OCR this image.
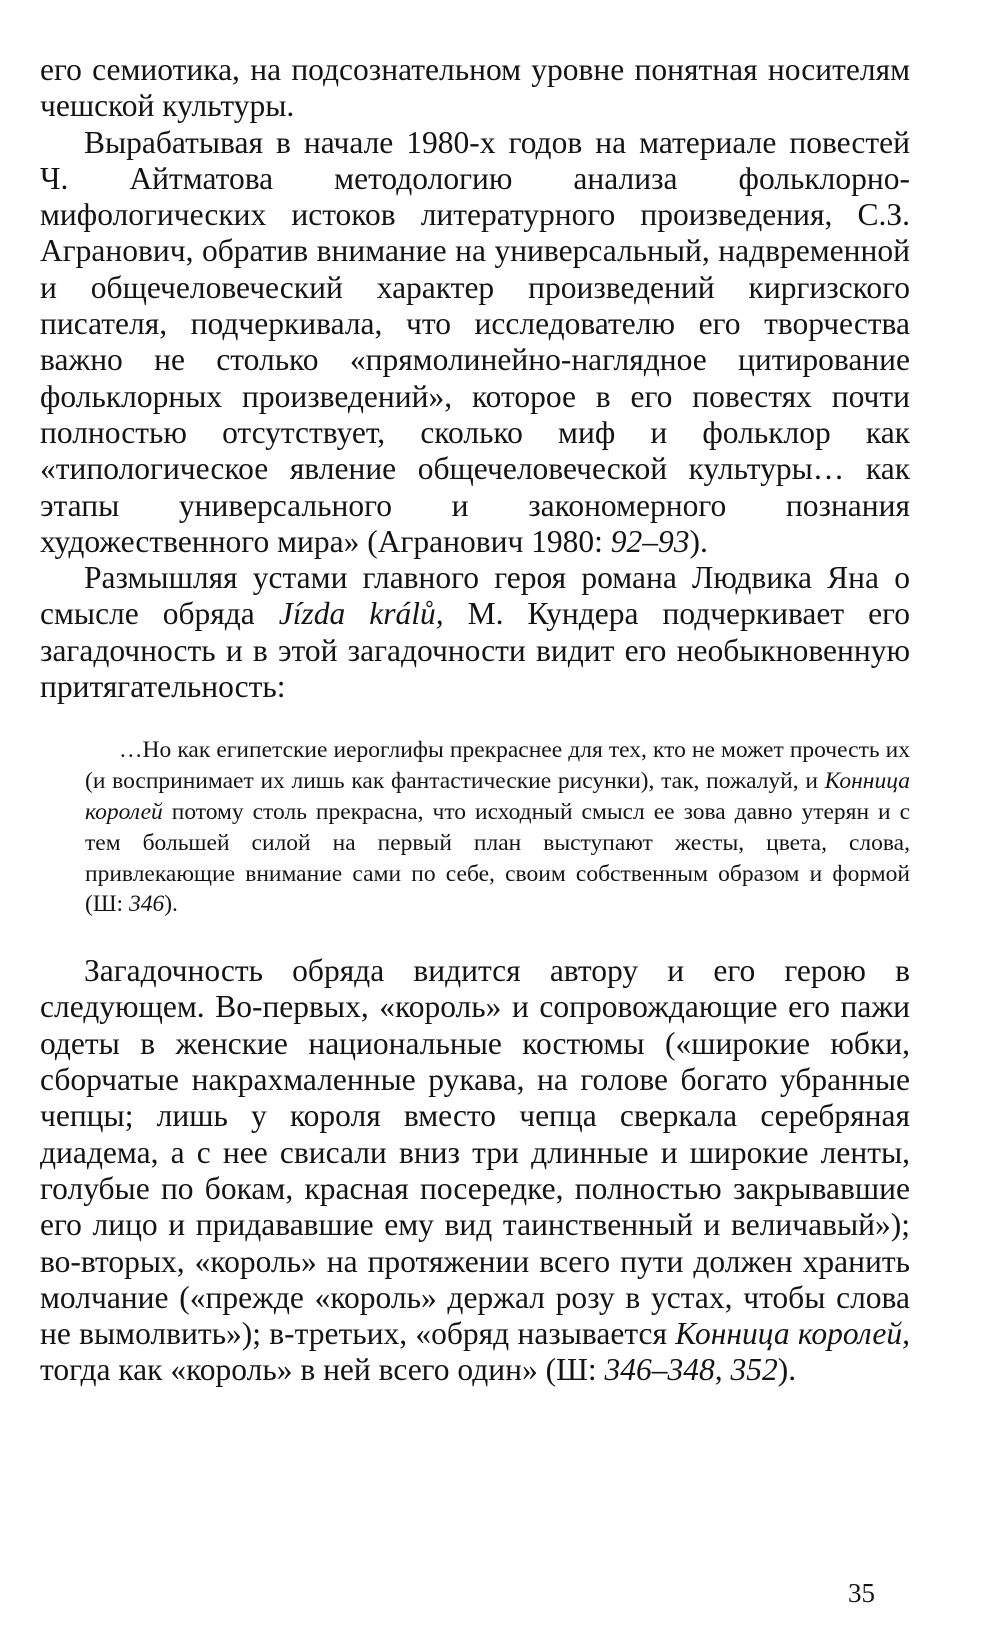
его семиотика, на подсознательном уровне понятная носителям чешской культуры.

Вырабатывая в начале 1980-х годов на материале повестей Ч. Айтматова методологию анализа фольклорно-мифологических истоков литературного произведения, С.З. Агранович, обратив внимание на универсальный, надвременной и общечеловеческий характер произведений киргизского писателя, подчеркивала, что исследователю его творчества важно не столько «прямолинейно-наглядное цитирование фольклорных произведений», которое в его повестях почти полностью отсутствует, сколько миф и фольклор как «типологическое явление общечеловеческой культуры… как этапы универсального и закономерного познания художественного мира» (Агранович 1980: 92–93).

Размышляя устами главного героя романа Людвика Яна о смысле обряда Jízda králů, М. Кундера подчеркивает его загадочность и в этой загадочности видит его необыкновенную притягательность:

…Но как египетские иероглифы прекраснее для тех, кто не может прочесть их (и воспринимает их лишь как фантастические рисунки), так, пожалуй, и Конница королей потому столь прекрасна, что исходный смысл ее зова давно утерян и с тем большей силой на первый план выступают жесты, цвета, слова, привлекающие внимание сами по себе, своим собственным образом и формой (Ш: 346).

Загадочность обряда видится автору и его герою в следующем. Во-первых, «король» и сопровождающие его пажи одеты в женские национальные костюмы («широкие юбки, сборчатые накрахмаленные рукава, на голове богато убранные чепцы; лишь у короля вместо чепца сверкала серебряная диадема, а с нее свисали вниз три длинные и широкие ленты, голубые по бокам, красная посередке, полностью закрывавшие его лицо и придававшие ему вид таинственный и величавый»); во-вторых, «король» на протяжении всего пути должен хранить молчание («прежде «король» держал розу в устах, чтобы слова не вымолвить»); в-третьих, «обряд называется Конница королей, тогда как «король» в ней всего один» (Ш: 346–348, 352).

35
